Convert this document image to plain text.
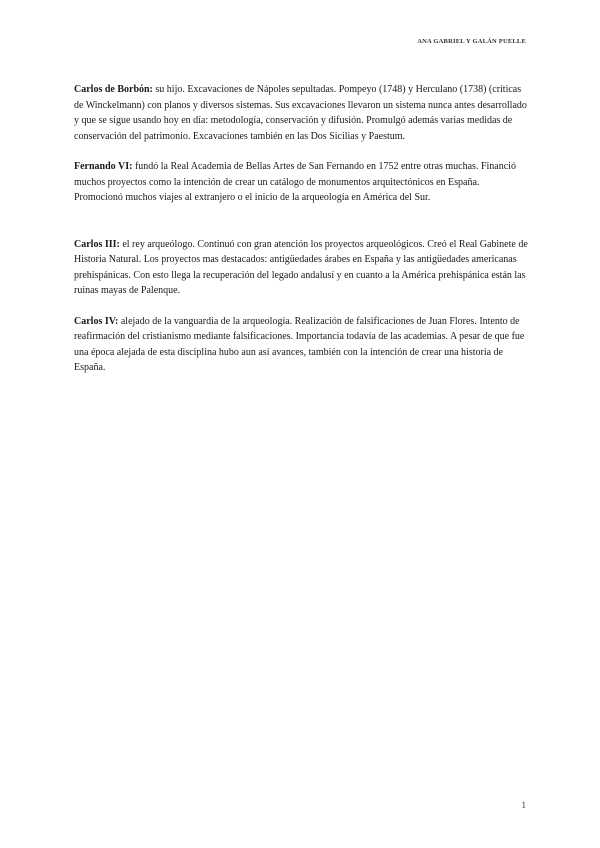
ANA GABRIEL Y GALÁN PUELLE

Carlos de Borbón: su hijo. Excavaciones de Nápoles sepultadas. Pompeyo (1748) y Herculano (1738) (críticas de Winckelmann) con planos y diversos sistemas. Sus excavaciones llevaron un sistema nunca antes desarrollado y que se sigue usando hoy en día: metodología, conservación y difusión. Promulgó además varias medidas de conservación del patrimonio. Excavaciones también en las Dos Sicilias y Paestum.

Fernando VI: fundó la Real Academia de Bellas Artes de San Fernando en 1752 entre otras muchas. Financió muchos proyectos como la intención de crear un catálogo de monumentos arquitectónicos en España. Promocionó muchos viajes al extranjero o el inicio de la arqueología en América del Sur.

Carlos III: el rey arqueólogo. Continuó con gran atención los proyectos arqueológicos. Creó el Real Gabinete de Historia Natural. Los proyectos mas destacados: antigüedades árabes en España y las antigüedades americanas prehispánicas. Con esto llega la recuperación del legado andalusí y en cuanto a la América prehispánica están las ruinas mayas de Palenque.

Carlos IV: alejado de la vanguardia de la arqueología. Realización de falsificaciones de Juan Flores. Intento de reafirmación del cristianismo mediante falsificaciones. Importancia todavía de las academias. A pesar de que fue una época alejada de esta disciplina hubo aun así avances, también con la intención de crear una historia de España.

1
